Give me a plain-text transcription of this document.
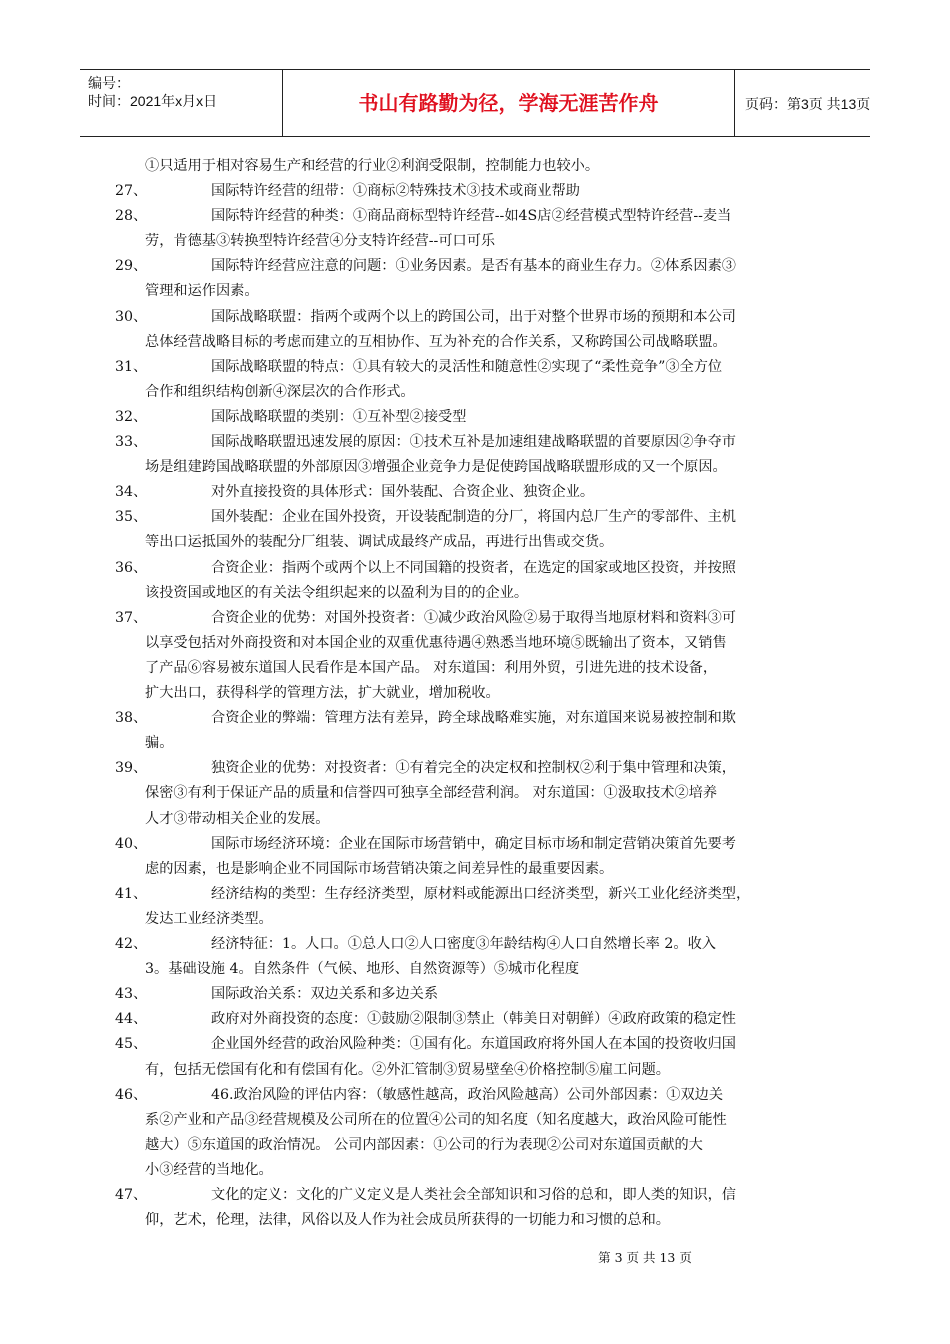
编号：
时间：2021年x月x日	书山有路勤为径，学海无涯苦作舟	页码：第3页 共13页
①只适用于相对容易生产和经营的行业②利润受限制，控制能力也较小。
27、	国际特许经营的纽带：①商标②特殊技术③技术或商业帮助
28、	国际特许经营的种类：①商品商标型特许经营--如4S店②经营模式型特许经营--麦当
劳，肯德基③转换型特许经营④分支特许经营--可口可乐
29、	国际特许经营应注意的问题：①业务因素。是否有基本的商业生存力。②体系因素③
管理和运作因素。
30、	国际战略联盟：指两个或两个以上的跨国公司，出于对整个世界市场的预期和本公司
总体经营战略目标的考虑而建立的互相协作、互为补充的合作关系，又称跨国公司战略联盟。
31、	国际战略联盟的特点：①具有较大的灵活性和随意性②实现了“柔性竞争”③全方位
合作和组织结构创新④深层次的合作形式。
32、	国际战略联盟的类别：①互补型②接受型
33、	国际战略联盟迅速发展的原因：①技术互补是加速组建战略联盟的首要原因②争夺市
场是组建跨国战略联盟的外部原因③增强企业竞争力是促使跨国战略联盟形成的又一个原因。
34、	对外直接投资的具体形式：国外装配、合资企业、独资企业。
35、	国外装配：企业在国外投资，开设装配制造的分厂，将国内总厂生产的零部件、主机
等出口运抵国外的装配分厂组装、调试成最终产成品，再进行出售或交货。
36、	合资企业：指两个或两个以上不同国籍的投资者，在选定的国家或地区投资，并按照
该投资国或地区的有关法令组织起来的以盈利为目的的企业。
37、	合资企业的优势：对国外投资者：①减少政治风险②易于取得当地原材料和资料③可
以享受包括对外商投资和对本国企业的双重优惠待遇④熟悉当地环境⑤既输出了资本，又销售
了产品⑥容易被东道国人民看作是本国产品。 对东道国：利用外贸，引进先进的技术设备，
扩大出口，获得科学的管理方法，扩大就业，增加税收。
38、	合资企业的弊端：管理方法有差异，跨全球战略难实施，对东道国来说易被控制和欺
骗。
39、	独资企业的优势：对投资者：①有着完全的决定权和控制权②利于集中管理和决策，
保密③有利于保证产品的质量和信誉四可独享全部经营利润。 对东道国：①汲取技术②培养
人才③带动相关企业的发展。
40、	国际市场经济环境：企业在国际市场营销中，确定目标市场和制定营销决策首先要考
虑的因素，也是影响企业不同国际市场营销决策之间差异性的最重要因素。
41、	经济结构的类型：生存经济类型，原材料或能源出口经济类型，新兴工业化经济类型，
发达工业经济类型。
42、	经济特征：1。人口。①总人口②人口密度③年龄结构④人口自然增长率 2。收入
3。基础设施 4。自然条件（气候、地形、自然资源等）⑤城市化程度
43、	国际政治关系：双边关系和多边关系
44、	政府对外商投资的态度：①鼓励②限制③禁止（韩美日对朝鲜）④政府政策的稳定性
45、	企业国外经营的政治风险种类：①国有化。东道国政府将外国人在本国的投资收归国
有，包括无偿国有化和有偿国有化。②外汇管制③贸易壁垒④价格控制⑤雇工问题。
46、	46.政治风险的评估内容：（敏感性越高，政治风险越高）公司外部因素：①双边关
系②产业和产品③经营规模及公司所在的位置④公司的知名度（知名度越大，政治风险可能性
越大）⑤东道国的政治情况。 公司内部因素：①公司的行为表现②公司对东道国贡献的大
小③经营的当地化。
47、	文化的定义：文化的广义定义是人类社会全部知识和习俗的总和，即人类的知识，信
仰，艺术，伦理，法律，风俗以及人作为社会成员所获得的一切能力和习惯的总和。
第 3 页 共 13 页
